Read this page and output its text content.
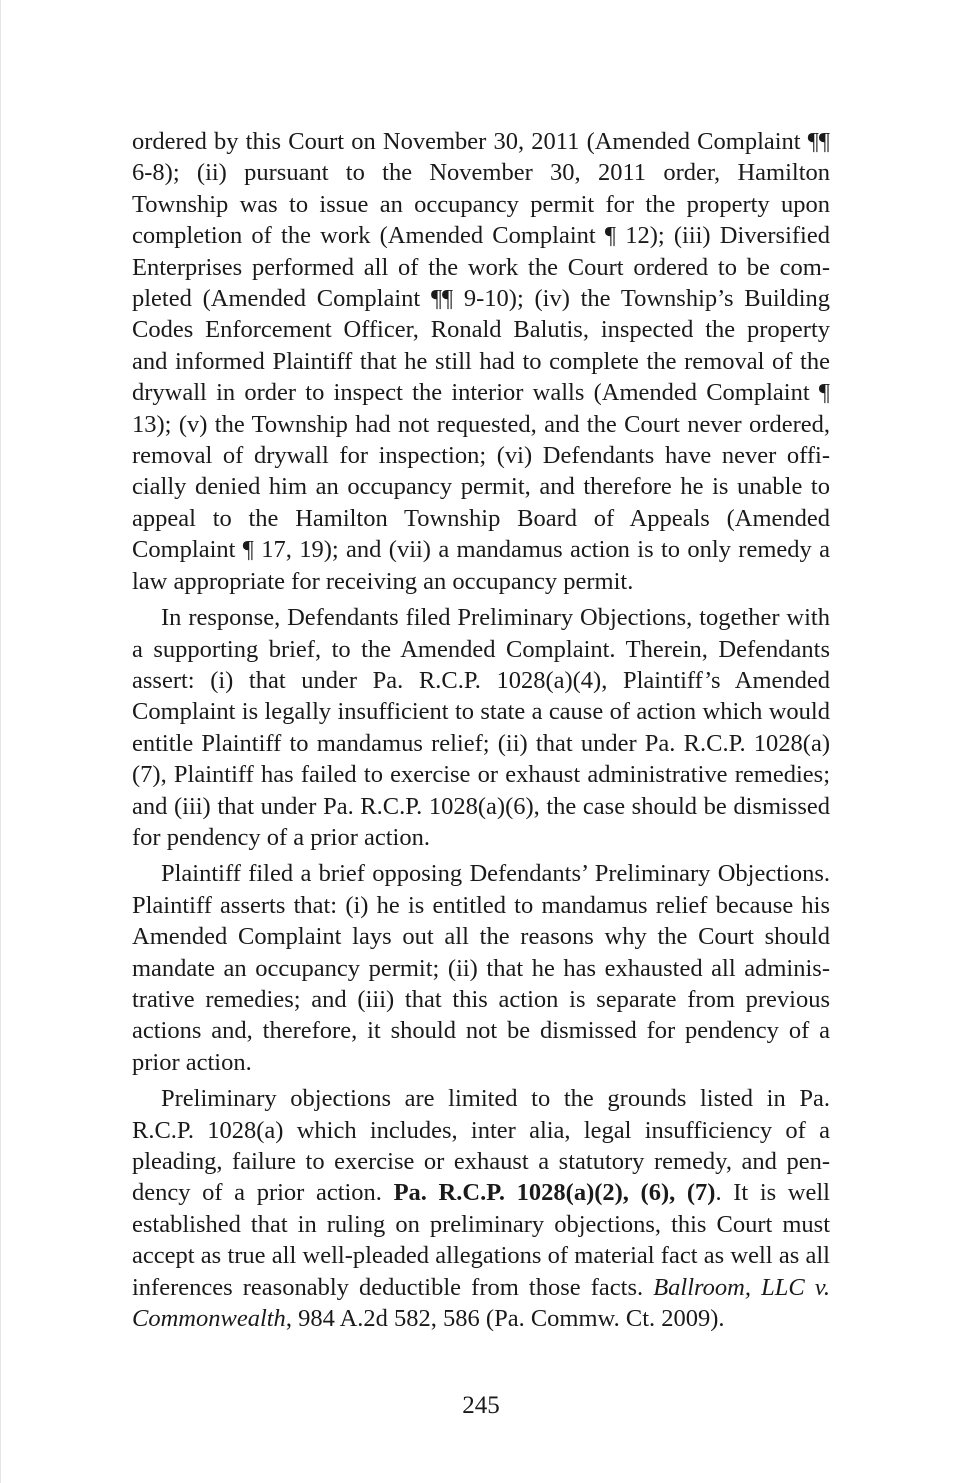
ordered by this Court on November 30, 2011 (Amended Complaint ¶¶ 6-8); (ii) pursuant to the November 30, 2011 order, Hamilton Township was to issue an occupancy permit for the property upon completion of the work (Amended Complaint ¶ 12); (iii) Diversified Enterprises performed all of the work the Court ordered to be completed (Amended Complaint ¶¶ 9-10); (iv) the Township’s Building Codes Enforcement Officer, Ronald Balutis, inspected the property and informed Plaintiff that he still had to complete the removal of the drywall in order to inspect the interior walls (Amended Complaint ¶ 13); (v) the Township had not requested, and the Court never ordered, removal of drywall for inspection; (vi) Defendants have never officially denied him an occupancy permit, and therefore he is unable to appeal to the Hamilton Township Board of Appeals (Amended Complaint ¶ 17, 19); and (vii) a mandamus action is to only remedy a law appropriate for receiving an occupancy permit.

In response, Defendants filed Preliminary Objections, together with a supporting brief, to the Amended Complaint. Therein, Defendants assert: (i) that under Pa. R.C.P. 1028(a)(4), Plaintiff’s Amended Complaint is legally insufficient to state a cause of action which would entitle Plaintiff to mandamus relief; (ii) that under Pa. R.C.P. 1028(a)(7), Plaintiff has failed to exercise or exhaust administrative remedies; and (iii) that under Pa. R.C.P. 1028(a)(6), the case should be dismissed for pendency of a prior action.

Plaintiff filed a brief opposing Defendants’ Preliminary Objections. Plaintiff asserts that: (i) he is entitled to mandamus relief because his Amended Complaint lays out all the reasons why the Court should mandate an occupancy permit; (ii) that he has exhausted all administrative remedies; and (iii) that this action is separate from previous actions and, therefore, it should not be dismissed for pendency of a prior action.

Preliminary objections are limited to the grounds listed in Pa. R.C.P. 1028(a) which includes, inter alia, legal insufficiency of a pleading, failure to exercise or exhaust a statutory remedy, and pendency of a prior action. Pa. R.C.P. 1028(a)(2), (6), (7). It is well established that in ruling on preliminary objections, this Court must accept as true all well-pleaded allegations of material fact as well as all inferences reasonably deductible from those facts. Ballroom, LLC v. Commonwealth, 984 A.2d 582, 586 (Pa. Commw. Ct. 2009).

245
